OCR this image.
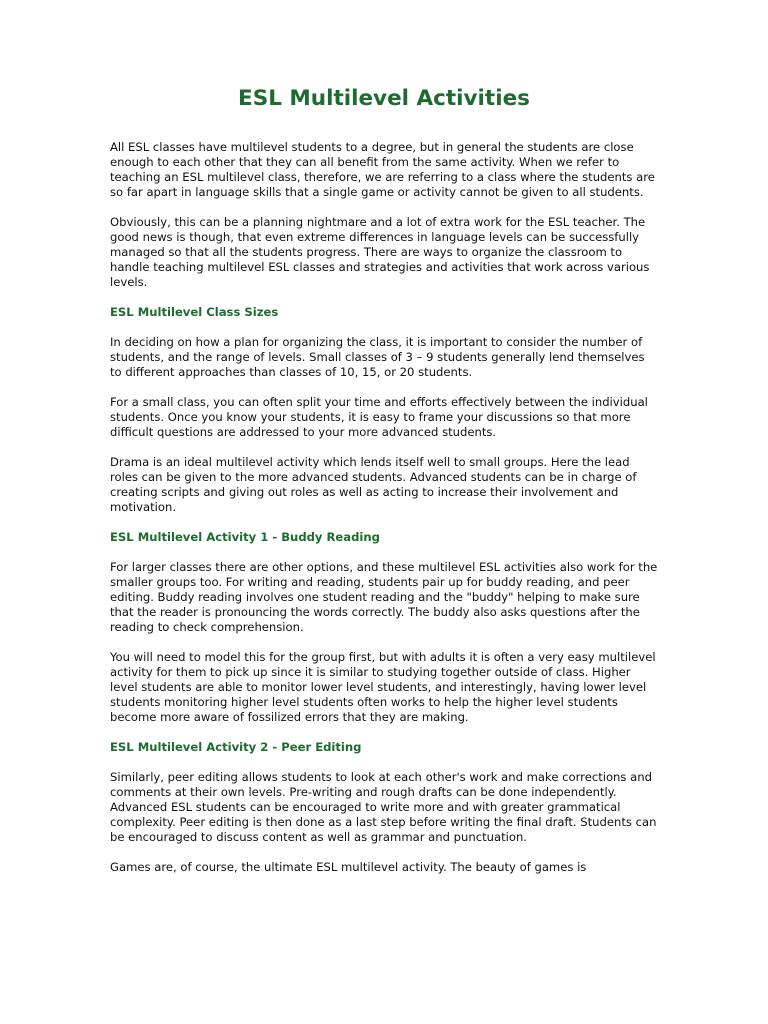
ESL Multilevel Activities

All ESL classes have multilevel students to a degree, but in general the students are close enough to each other that they can all benefit from the same activity. When we refer to teaching an ESL multilevel class, therefore, we are referring to a class where the students are so far apart in language skills that a single game or activity cannot be given to all students.

Obviously, this can be a planning nightmare and a lot of extra work for the ESL teacher. The good news is though, that even extreme differences in language levels can be successfully managed so that all the students progress. There are ways to organize the classroom to handle teaching multilevel ESL classes and strategies and activities that work across various levels.

ESL Multilevel Class Sizes

In deciding on how a plan for organizing the class, it is important to consider the number of students, and the range of levels. Small classes of 3 – 9 students generally lend themselves to different approaches than classes of 10, 15, or 20 students.

For a small class, you can often split your time and efforts effectively between the individual students. Once you know your students, it is easy to frame your discussions so that more difficult questions are addressed to your more advanced students.

Drama is an ideal multilevel activity which lends itself well to small groups. Here the lead roles can be given to the more advanced students. Advanced students can be in charge of creating scripts and giving out roles as well as acting to increase their involvement and motivation.

ESL Multilevel Activity 1 - Buddy Reading

For larger classes there are other options, and these multilevel ESL activities also work for the smaller groups too. For writing and reading, students pair up for buddy reading, and peer editing. Buddy reading involves one student reading and the "buddy" helping to make sure that the reader is pronouncing the words correctly. The buddy also asks questions after the reading to check comprehension.

You will need to model this for the group first, but with adults it is often a very easy multilevel activity for them to pick up since it is similar to studying together outside of class. Higher level students are able to monitor lower level students, and interestingly, having lower level students monitoring higher level students often works to help the higher level students become more aware of fossilized errors that they are making.

ESL Multilevel Activity 2 - Peer Editing

Similarly, peer editing allows students to look at each other's work and make corrections and comments at their own levels. Pre-writing and rough drafts can be done independently. Advanced ESL students can be encouraged to write more and with greater grammatical complexity. Peer editing is then done as a last step before writing the final draft. Students can be encouraged to discuss content as well as grammar and punctuation.

Games are, of course, the ultimate ESL multilevel activity. The beauty of games is
